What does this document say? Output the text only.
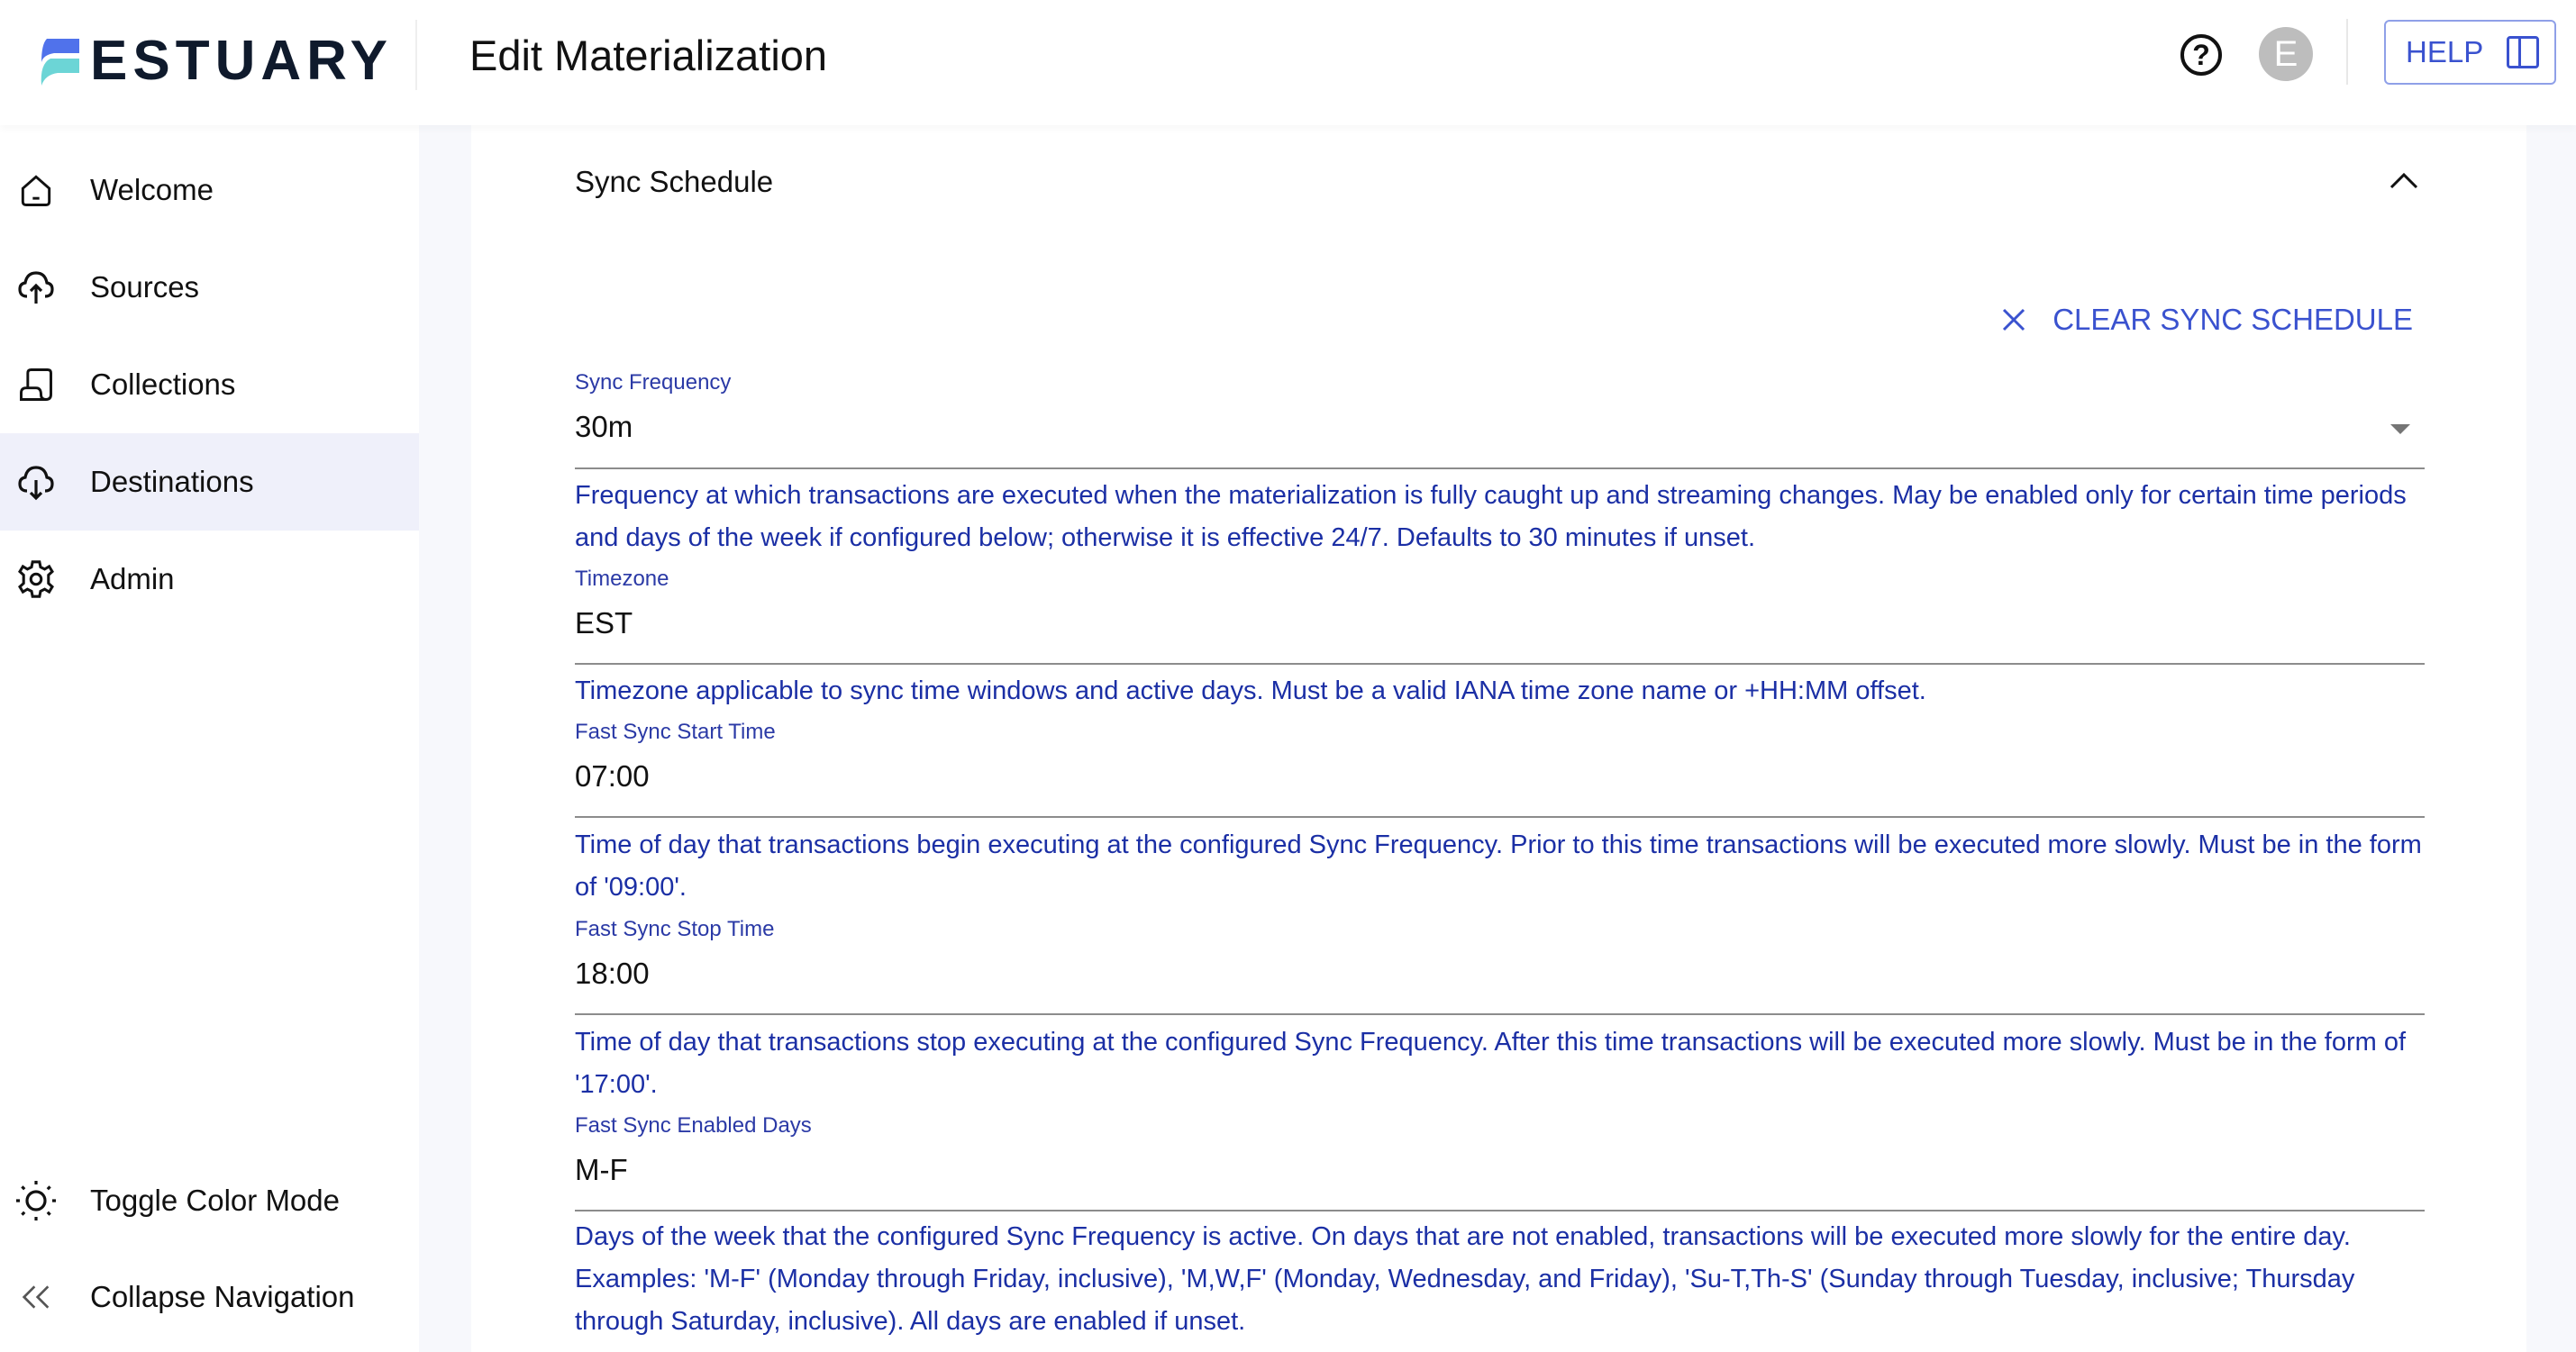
ESTUARY Edit Materialization	?	E	HELP
Welcome
Sources
Collections
Destinations
Admin
Toggle Color Mode
Collapse Navigation
Sync Schedule
CLEAR SYNC SCHEDULE
Sync Frequency
30m
Frequency at which transactions are executed when the materialization is fully caught up and streaming changes. May be enabled only for certain time periods and days of the week if configured below; otherwise it is effective 24/7. Defaults to 30 minutes if unset.
Timezone
EST
Timezone applicable to sync time windows and active days. Must be a valid IANA time zone name or +HH:MM offset.
Fast Sync Start Time
07:00
Time of day that transactions begin executing at the configured Sync Frequency. Prior to this time transactions will be executed more slowly. Must be in the form of '09:00'.
Fast Sync Stop Time
18:00
Time of day that transactions stop executing at the configured Sync Frequency. After this time transactions will be executed more slowly. Must be in the form of '17:00'.
Fast Sync Enabled Days
M-F
Days of the week that the configured Sync Frequency is active. On days that are not enabled, transactions will be executed more slowly for the entire day. Examples: 'M-F' (Monday through Friday, inclusive), 'M,W,F' (Monday, Wednesday, and Friday), 'Su-T,Th-S' (Sunday through Tuesday, inclusive; Thursday through Saturday, inclusive). All days are enabled if unset.
